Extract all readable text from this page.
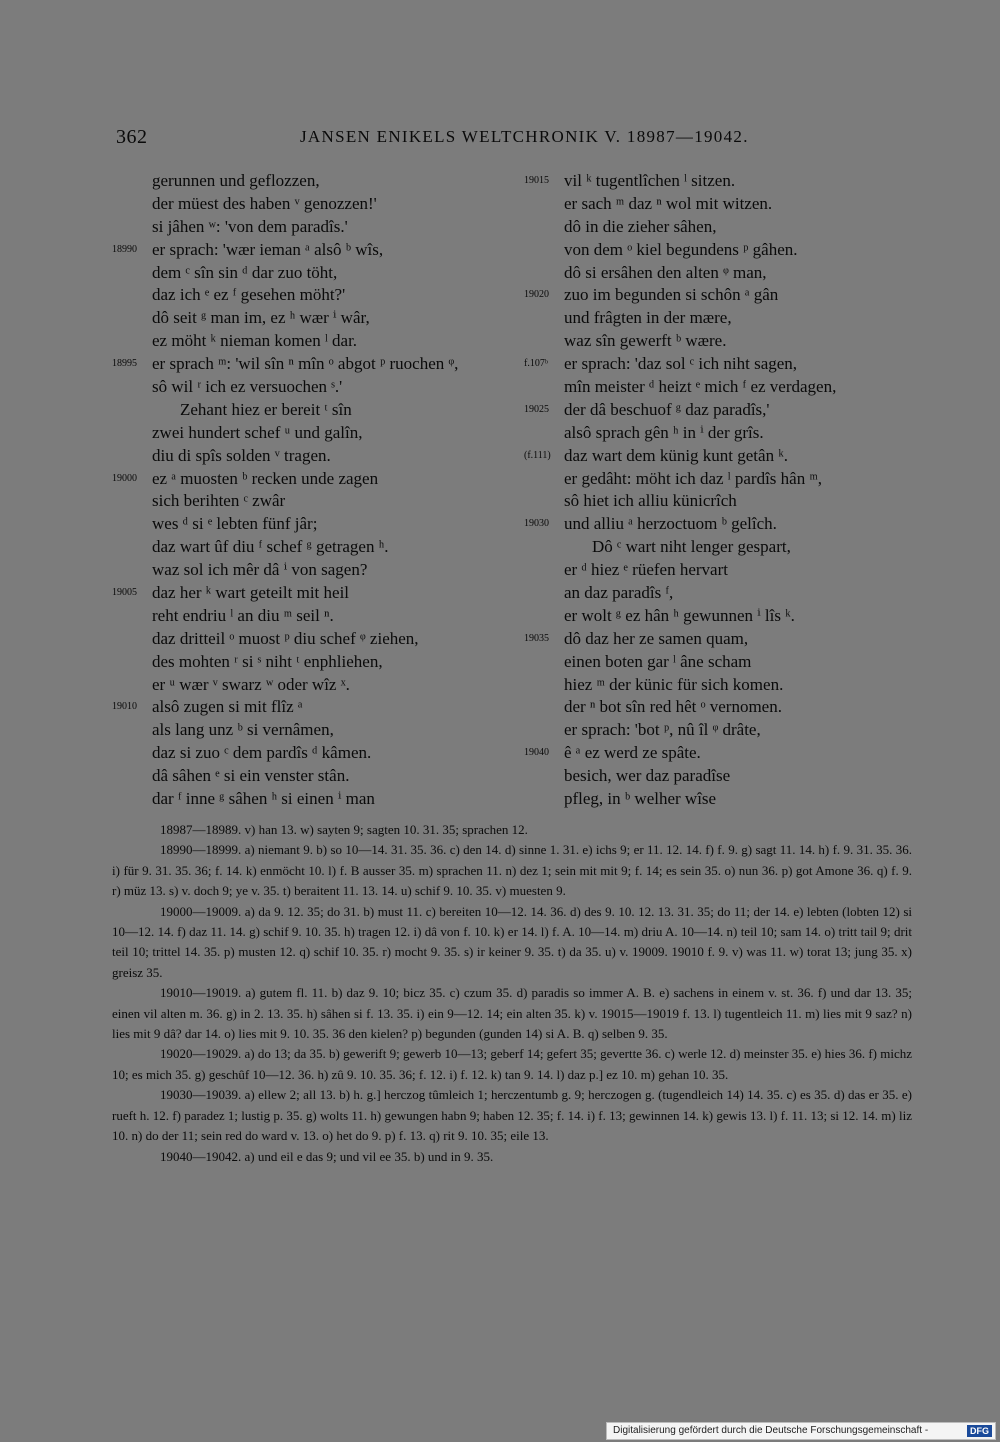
362	JANSEN ENIKELS WELTCHRONIK V. 18987—19042.
gerunnen und geflozzen,
der müest des haben ᵛ genozzen!'
si jâhen ʷ: 'von dem paradîs.'
18990 er sprach: 'wær ieman ᵃ alsô ᵇ wîs,
dem ᶜ sîn sin ᵈ dar zuo töht,
daz ich ᵉ ez ᶠ gesehen möht?'
dô seit ᵍ man im, ez ʰ wær ⁱ wâr,
ez möht ᵏ nieman komen ˡ dar.
18995 er sprach ᵐ: 'wil sîn ⁿ mîn ᵒ abgot ᵖ ruochen ᵠ,
sô wil ʳ ich ez versuochen ˢ.'
Zehant hiez er bereit ᵗ sîn
zwei hundert schef ᵘ und galîn,
diu di spîs solden ᵛ tragen.
19000 ez ᵃ muosten ᵇ recken unde zagen
sich berihten ᶜ zwâr
wes ᵈ si ᵉ lebten fünf jâr;
daz wart ûf diu ᶠ schef ᵍ getragen ʰ.
waz sol ich mêr dâ ⁱ von sagen?
19005 daz her ᵏ wart geteilt mit heil
reht endriu ˡ an diu ᵐ seil ⁿ.
daz dritteil ᵒ muost ᵖ diu schef ᵠ ziehen,
des mohten ʳ si ˢ niht ᵗ enphliehen,
er ᵘ wær ᵛ swarz ʷ oder wîz ˣ.
19010 alsô zugen si mit flîz ᵃ
als lang unz ᵇ si vernâmen,
daz si zuo ᶜ dem pardîs ᵈ kâmen.
dâ sâhen ᵉ si ein venster stân.
dar ᶠ inne ᵍ sâhen ʰ si einen ⁱ man
19015 vil ᵏ tugentlîchen ˡ sitzen.
er sach ᵐ daz ⁿ wol mit witzen.
dô in die zieher sâhen,
von dem ᵒ kiel begundens ᵖ gâhen.
dô si ersâhen den alten ᵠ man,
19020 zuo im begunden si schôn ᵃ gân
und frâgten in der mære,
waz sîn gewerft ᵇ wære.
f.107ᵇ er sprach: 'daz sol ᶜ ich niht sagen,
mîn meister ᵈ heizt ᵉ mich ᶠ ez verdagen,
19025 der dâ beschuof ᵍ daz paradîs,'
alsô sprach gên ʰ in ⁱ der grîs.
(f.111) daz wart dem künig kunt getân ᵏ.
er gedâht: möht ich daz ˡ pardîs hân ᵐ,
sô hiet ich alliu künicrîch
19030 und alliu ᵃ herzoctuom ᵇ gelîch.
Dô ᶜ wart niht lenger gespart,
er ᵈ hiez ᵉ rüefen hervart
an daz paradîs ᶠ,
er wolt ᵍ ez hân ʰ gewunnen ⁱ lîs ᵏ.
19035 dô daz her ze samen quam,
einen boten gar ˡ âne scham
hiez ᵐ der künic für sich komen.
der ⁿ bot sîn red hêt ᵒ vernomen.
er sprach: 'bot ᵖ, nû îl ᵠ drâte,
19040 ê ᵃ ez werd ze spâte.
besich, wer daz paradîse
pfleg, in ᵇ welher wîse

18987—18989. v) han 13. w) sayten 9; sagten 10. 31. 35; sprachen 12.

18990—18999. a) niemant 9. b) so 10—14. 31. 35. 36. c) den 14. d) sinne 1. 31. e) ichs 9; er 11. 12. 14. f) f. 9. g) sagt 11. 14. h) f. 9. 31. 35. 36. i) für 9. 31. 35. 36; f. 14. k) enmöcht 10. l) f. B ausser 35. m) sprachen 11. n) dez 1; sein mit mit 9; f. 14; es sein 35. o) nun 36. p) got Amone 36. q) f. 9. r) müz 13. s) v. doch 9; ye v. 35. t) beraitent 11. 13. 14. u) schif 9. 10. 35. v) muesten 9.

19000—19009. a) da 9. 12. 35; do 31. b) must 11. c) bereiten 10—12. 14. 36. d) des 9. 10. 12. 13. 31. 35; do 11; der 14. e) lebten (lobten 12) si 10—12. 14. f) daz 11. 14. g) schif 9. 10. 35. h) tragen 12. i) dâ von f. 10. k) er 14. l) f. A. 10—14. m) driu A. 10—14. n) teil 10; sam 14. o) tritt tail 9; drit teil 10; trittel 14. 35. p) musten 12. q) schif 10. 35. r) mocht 9. 35. s) ir keiner 9. 35. t) da 35. u) v. 19009. 19010 f. 9. v) was 11. w) torat 13; jung 35. x) greisz 35.

19010—19019. a) gutem fl. 11. b) daz 9. 10; bicz 35. c) czum 35. d) paradis so immer A. B. e) sachens in einem v. st. 36. f) und dar 13. 35; einen vil alten m. 36. g) in 2. 13. 35. h) sâhen si f. 13. 35. i) ein 9—12. 14; ein alten 35. k) v. 19015—19019 f. 13. l) tugentleich 11. m) lies mit 9 saz? n) lies mit 9 dâ? dar 14. o) lies mit 9. 10. 35. 36 den kielen? p) begunden (gunden 14) si A. B. q) selben 9. 35.

19020—19029. a) do 13; da 35. b) gewerift 9; gewerb 10—13; geberf 14; gefert 35; gevertte 36. c) werle 12. d) meinster 35. e) hies 36. f) michz 10; es mich 35. g) geschûf 10—12. 36. h) zû 9. 10. 35. 36; f. 12. i) f. 12. k) tan 9. 14. l) daz p.] ez 10. m) gehan 10. 35.

19030—19039. a) ellew 2; all 13. b) h. g.] herczog tûmleich 1; herczentumb g. 9; herczogen g. (tugendleich 14) 14. 35. c) es 35. d) das er 35. e) rueft h. 12. f) paradez 1; lustig p. 35. g) wolts 11. h) gewungen habn 9; haben 12. 35; f. 14. i) f. 13; gewinnen 14. k) gewis 13. l) f. 11. 13; si 12. 14. m) liz 10. n) do der 11; sein red do ward v. 13. o) het do 9. p) f. 13. q) rit 9. 10. 35; eile 13.

19040—19042. a) und eil e das 9; und vil ee 35. b) und in 9. 35.

Digitalisierung gefördert durch die Deutsche Forschungsgemeinschaft -	DFG
